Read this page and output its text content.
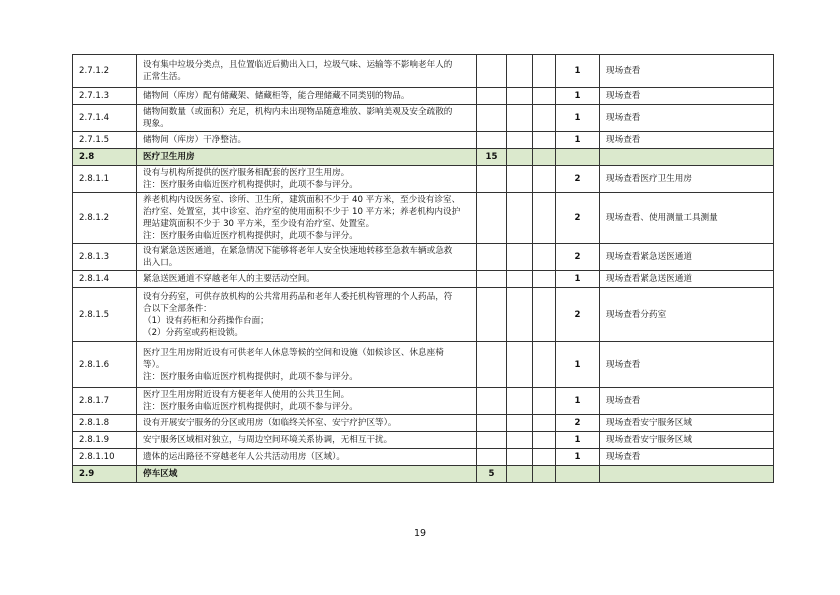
2.7.1.2	设有集中垃圾分类点，且位置临近后勤出入口，垃圾气味、运输等不影响老年人的
正常生活。				1	现场查看
2.7.1.3	储物间（库房）配有储藏架、储藏柜等，能合理储藏不同类别的物品。				1	现场查看
2.7.1.4	储物间数量（或面积）充足，机构内未出现物品随意堆放、影响美观及安全疏散的
现象。				1	现场查看
2.7.1.5	储物间（库房）干净整洁。				1	现场查看
2.8	医疗卫生用房	15				
2.8.1.1	设有与机构所提供的医疗服务相配套的医疗卫生用房。
注：医疗服务由临近医疗机构提供时，此项不参与评分。				2	现场查看医疗卫生用房
2.8.1.2	养老机构内设医务室、诊所、卫生所，建筑面积不少于 40 平方米，至少设有诊室、
治疗室、处置室，其中诊室、治疗室的使用面积不少于 10 平方米；养老机构内设护
理站建筑面积不少于 30 平方米，至少设有治疗室、处置室。
注：医疗服务由临近医疗机构提供时，此项不参与评分。				2	现场查看、使用测量工具测量
2.8.1.3	设有紧急送医通道，在紧急情况下能够将老年人安全快速地转移至急救车辆或急救
出入口。				2	现场查看紧急送医通道
2.8.1.4	紧急送医通道不穿越老年人的主要活动空间。				1	现场查看紧急送医通道
2.8.1.5	设有分药室，可供存放机构的公共常用药品和老年人委托机构管理的个人药品，符
合以下全部条件：
（1）设有药柜和分药操作台面；
（2）分药室或药柜设锁。				2	现场查看分药室
2.8.1.6	医疗卫生用房附近设有可供老年人休息等候的空间和设施（如候诊区、休息座椅
等）。
注：医疗服务由临近医疗机构提供时，此项不参与评分。				1	现场查看
2.8.1.7	医疗卫生用房附近设有方便老年人使用的公共卫生间。
注：医疗服务由临近医疗机构提供时，此项不参与评分。				1	现场查看
2.8.1.8	设有开展安宁服务的分区或用房（如临终关怀室、安宁疗护区等）。				2	现场查看安宁服务区域
2.8.1.9	安宁服务区域相对独立，与周边空间环境关系协调，无相互干扰。				1	现场查看安宁服务区域
2.8.1.10	遗体的运出路径不穿越老年人公共活动用房（区域）。				1	现场查看
2.9	停车区域	5				
19
